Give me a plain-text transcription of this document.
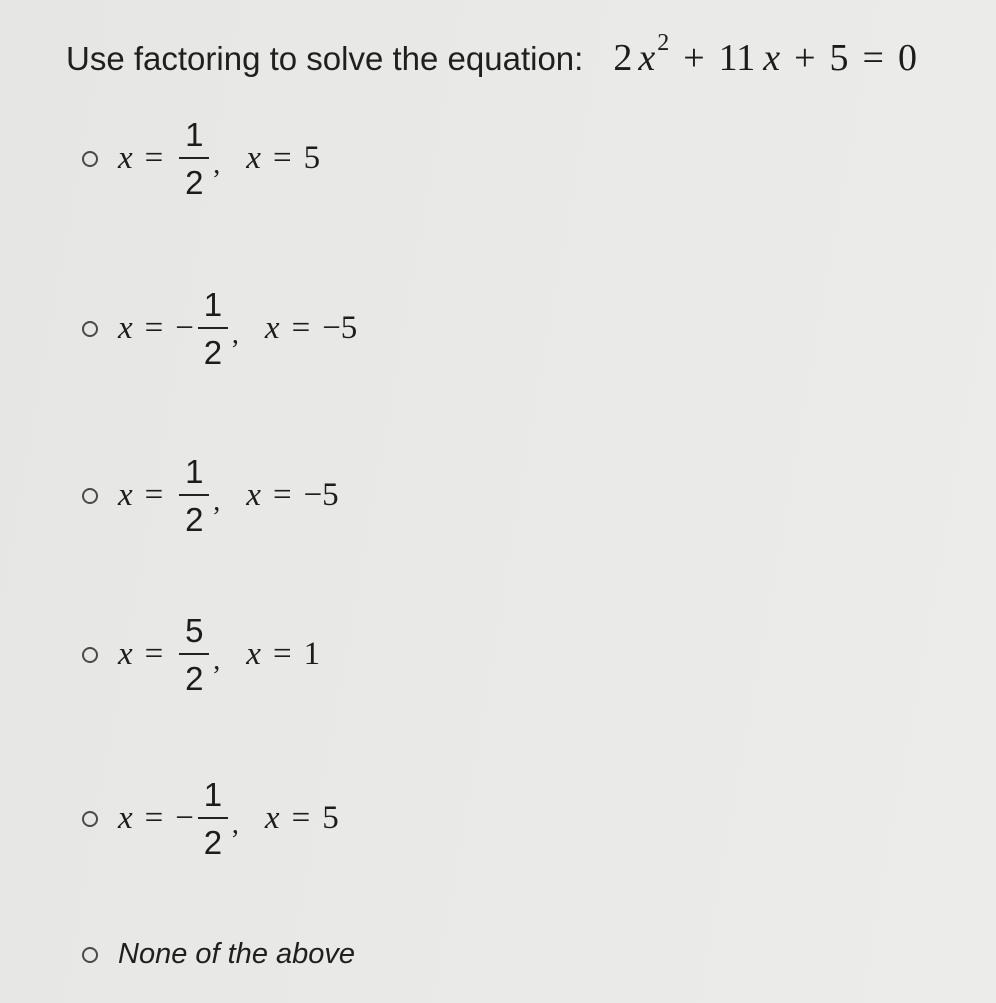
Use factoring to solve the equation: 2 $x^2 + 11$ x + 5 = 0
$x = \frac{1}{2}$ , x = 5
x = − $\frac{1}{2}$ , x = −5
$x = \frac{1}{2}$ , x = −5
$x = \frac{5}{2}$ , x = 1
x = − $\frac{1}{2}$ , x = 5
None of the above
